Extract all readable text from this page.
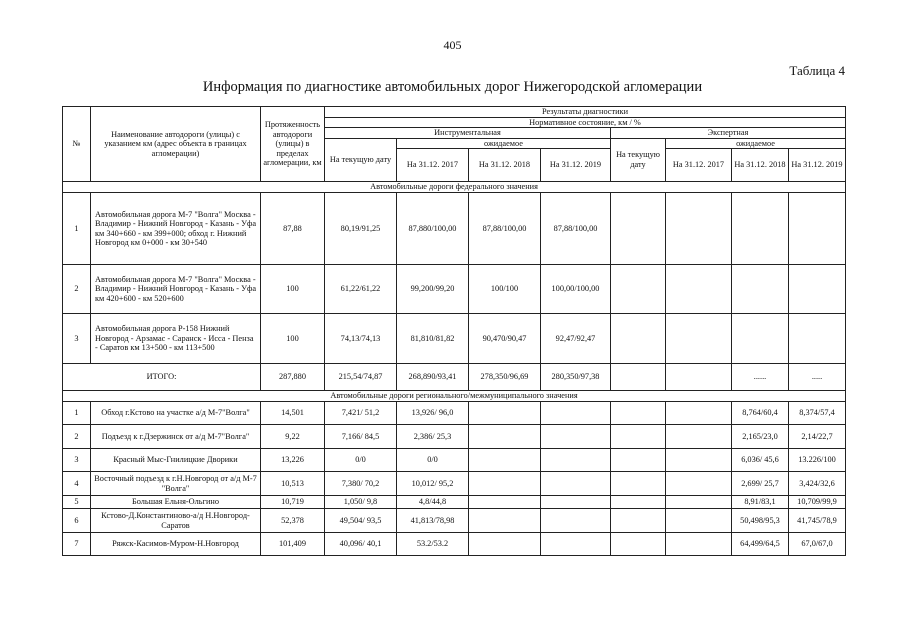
405
Таблица 4
Информация по диагностике автомобильных дорог Нижегородской агломерации
№	Наименование автодороги (улицы) с указанием км (адрес объекта в границах агломерации)	Протяженность автодороги (улицы) в пределах агломерации, км	Результаты диагностики							
			Нормативное состояние, км / %							
			Инструментальная				Экспертная			
			На текущую дату	ожидаемое			На текущую дату	ожидаемое		
				На 31.12. 2017	На 31.12. 2018	На 31.12. 2019		На 31.12. 2017	На 31.12. 2018	На 31.12. 2019
Автомобильные дороги федерального значения										
1	Автомобильная дорога М-7 "Волга" Москва - Владимир - Нижний Новгород - Казань - Уфа км 340+660 - км 399+000; обход г. Нижний Новгород км 0+000 - км 30+540	87,88	80,19/91,25	87,880/100,00	87,88/100,00	87,88/100,00				
2	Автомобильная дорога М-7 "Волга" Москва - Владимир - Нижний Новгород - Казань - Уфа км 420+600 - км 520+600	100	61,22/61,22	99,200/99,20	100/100	100,00/100,00				
3	Автомобильная дорога Р-158 Нижний Новгород - Арзамас - Саранск - Исса - Пенза - Саратов км 13+500 - км 113+500	100	74,13/74,13	81,810/81,82	90,470/90,47	92,47/92,47				
ИТОГО:		287,880	215,54/74,87	268,890/93,41	278,350/96,69	280,350/97,38			......	.....
Автомобильные дороги регионального/межмуниципального значения										
1	Обход г.Кстово на участке а/д М-7"Волга"	14,501	7,421/ 51,2	13,926/ 96,0					8,764/60,4	8,374/57,4
2	Подъезд к г.Дзержинск от а/д М-7"Волга"	9,22	7,166/ 84,5	2,386/ 25,3					2,165/23,0	2,14/22,7
3	Красный Мыс-Гнилицкие Дворики	13,226	0/0	0/0					6,036/ 45,6	13.226/100
4	Восточный подъезд к г.Н.Новгород от а/д М-7 "Волга"	10,513	7,380/ 70,2	10,012/ 95,2					2,699/ 25,7	3,424/32,6
5	Большая Ельня-Ольгино	10,719	1,050/ 9,8	4,8/44,8					8,91/83,1	10,709/99,9
6	Кстово-Д.Константиново-а/д Н.Новгород-Саратов	52,378	49,504/ 93,5	41,813/78,98					50,498/95,3	41,745/78,9
7	Ряжск-Касимов-Муром-Н.Новгород	101,409	40,096/ 40,1	53.2/53.2					64,499/64,5	67,0/67,0
